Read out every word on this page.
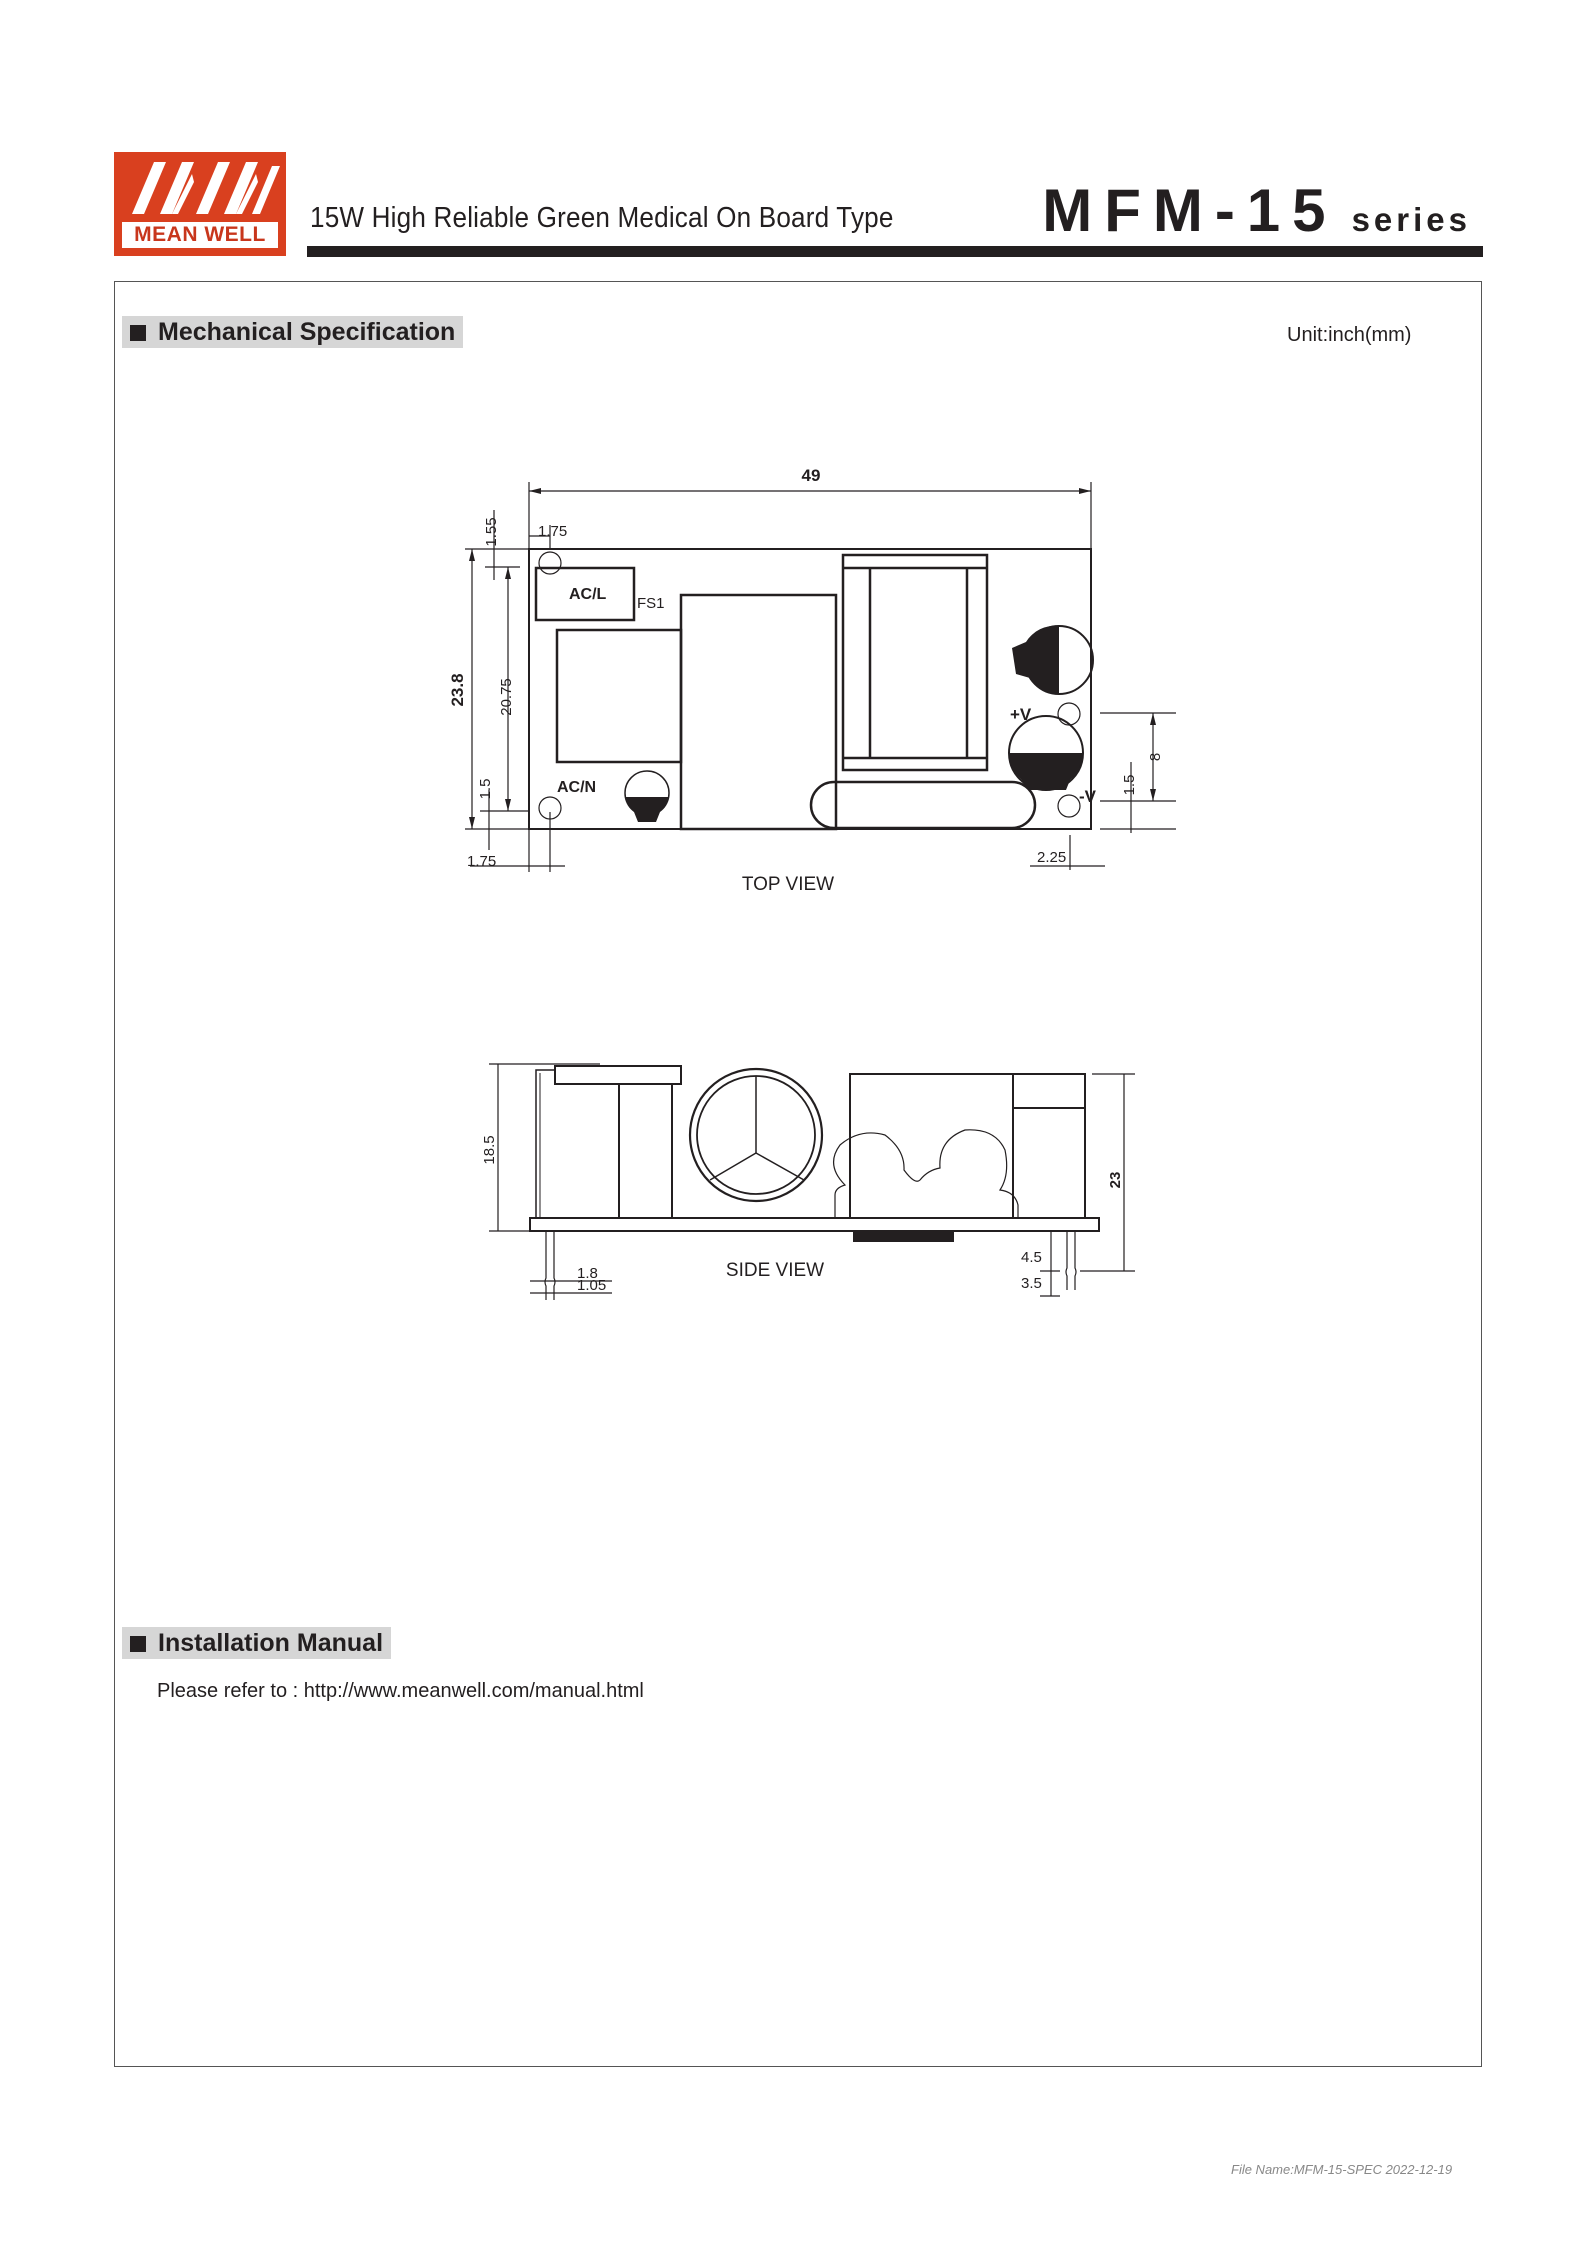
MEAN WELL
15W High Reliable Green Medical On Board Type MFM-15 series
Mechanical Specification	Unit:inch(mm)
49
1.75
AC/L
FS1
AC/N
+V
-V
1.75	2.25
TOP VIEW
23.8
1.55
20.75
1.5
8
1.5
18.5
23
1.8
1.05
4.5
3.5
SIDE VIEW
Installation Manual
Please refer to : http://www.meanwell.com/manual.html
File Name:MFM-15-SPEC 2022-12-19
